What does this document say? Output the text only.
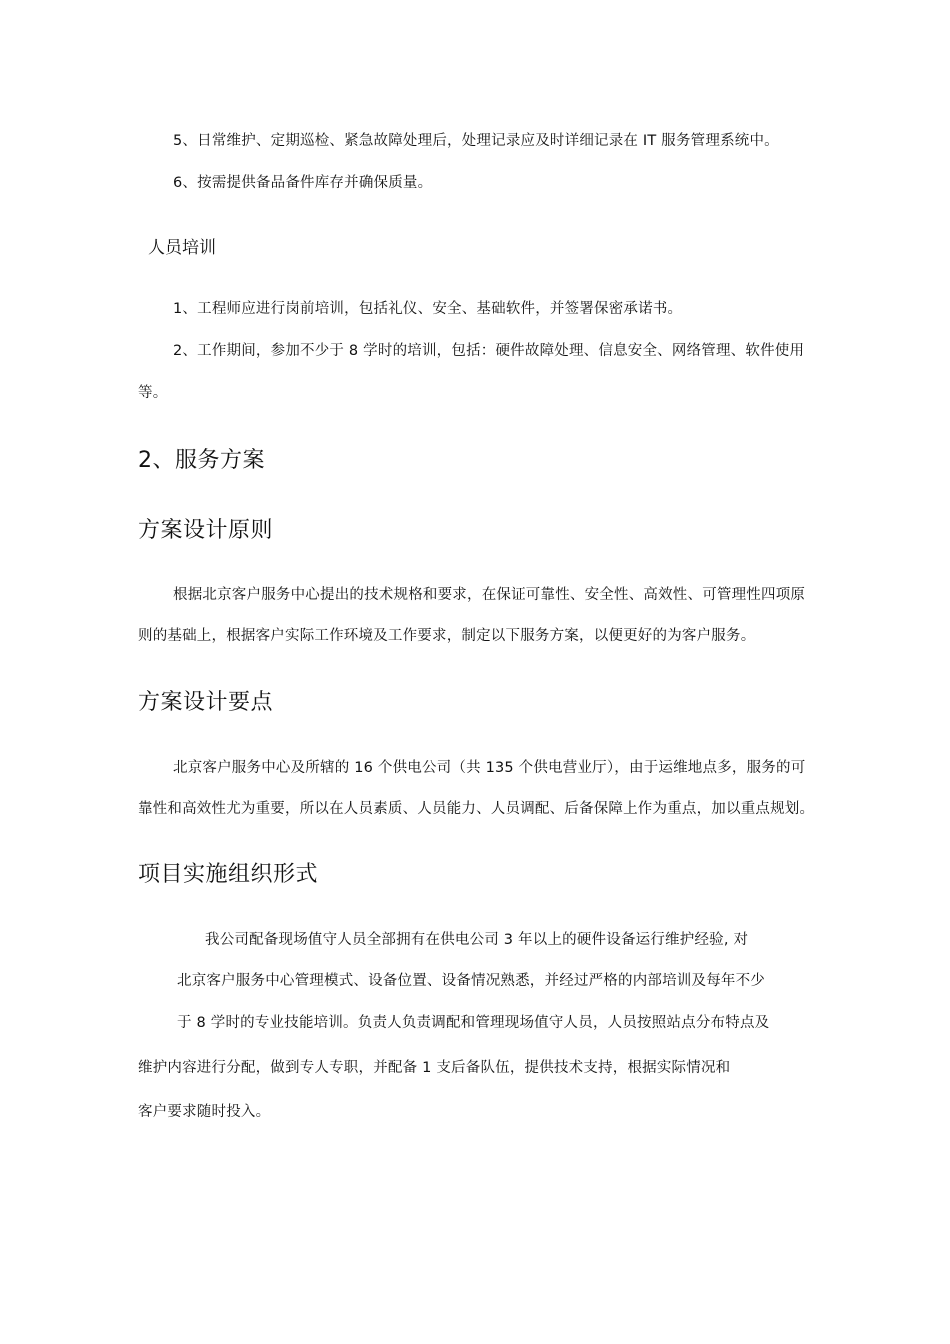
5、日常维护、定期巡检、紧急故障处理后，处理记录应及时详细记录在 IT 服务管理系统中。
6、按需提供备品备件库存并确保质量。
人员培训
1、工程师应进行岗前培训，包括礼仪、安全、基础软件，并签署保密承诺书。
2、工作期间，参加不少于 8 学时的培训，包括：硬件故障处理、信息安全、网络管理、软件使用
等。
2、服务方案
方案设计原则
根据北京客户服务中心提出的技术规格和要求，在保证可靠性、安全性、高效性、可管理性四项原
则的基础上，根据客户实际工作环境及工作要求，制定以下服务方案，以便更好的为客户服务。
方案设计要点
北京客户服务中心及所辖的 16 个供电公司（共 135 个供电营业厅），由于运维地点多，服务的可
靠性和高效性尤为重要，所以在人员素质、人员能力、人员调配、后备保障上作为重点，加以重点规划。
项目实施组织形式
我公司配备现场值守人员全部拥有在供电公司 3 年以上的硬件设备运行维护经验, 对
北京客户服务中心管理模式、设备位置、设备情况熟悉，并经过严格的内部培训及每年不少
于 8 学时的专业技能培训。负责人负责调配和管理现场值守人员，人员按照站点分布特点及
维护内容进行分配，做到专人专职，并配备 1 支后备队伍，提供技术支持，根据实际情况和
客户要求随时投入。
